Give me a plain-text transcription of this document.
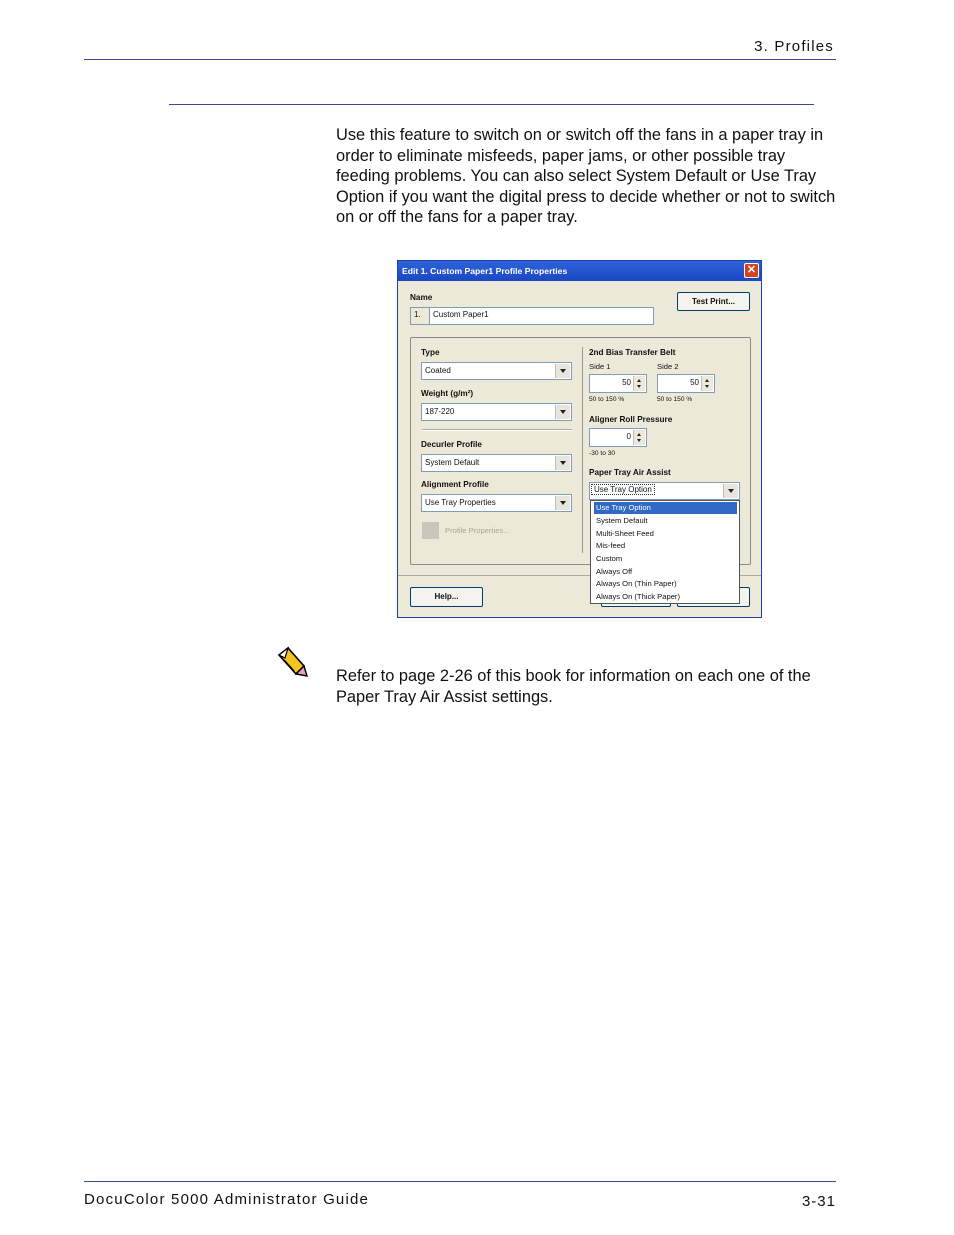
3. Profiles
Use this feature to switch on or switch off the fans in a paper tray in order to eliminate misfeeds, paper jams, or other possible tray feeding problems. You can also select System Default or Use Tray Option if you want the digital press to decide whether or not to switch on or off the fans for a paper tray.
Edit 1. Custom Paper1 Profile Properties	✕
Name
1.	Custom Paper1
Test Print...
Type
Coated
Weight (g/m²)
187-220
Decurler Profile
System Default
Alignment Profile
Use Tray Properties
Profile Properties...
2nd Bias Transfer Belt
Side 1	Side 2
50	50
50 to 150 %	50 to 150 %
Aligner Roll Pressure
0
-30 to 30
Paper Tray Air Assist
Use Tray Option
Help...
Use Tray Option
System Default
Multi-Sheet Feed
Mis-feed
Custom
Always Off
Always On (Thin Paper)
Always On (Thick Paper)
Refer to page 2-26 of this book for information on each one of the Paper Tray Air Assist settings.
DocuColor 5000 Administrator Guide	3-31
